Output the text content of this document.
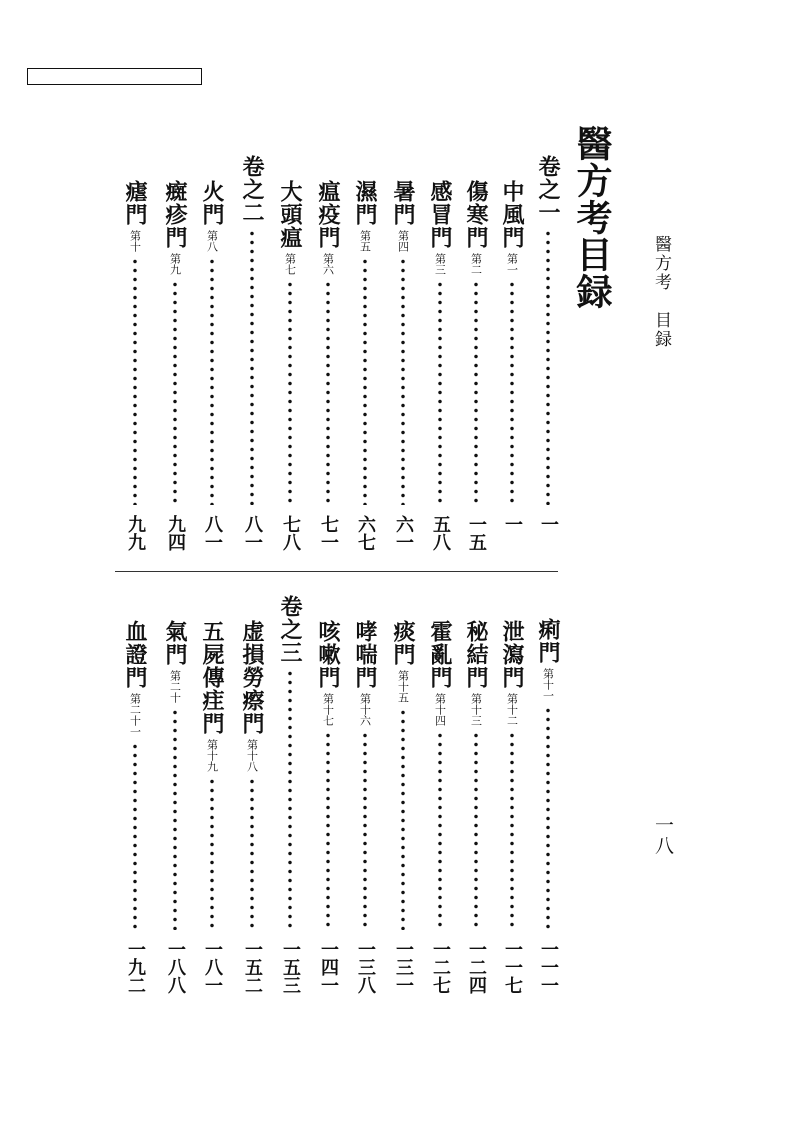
醫方考　目録
一八
醫方考目録
卷之一
一
中風門
第一
一
傷寒門
第二
一五
感冒門
第三
五八
暑門
第四
六一
濕門
第五
六七
瘟疫門
第六
七一
大頭瘟
第七
七八
卷之二
八一
火門
第八
八一
癍疹門
第九
九四
瘧門
第十
九九
痢門
第十一
一一一
泄瀉門
第十二
一一七
秘結門
第十三
一二四
霍亂門
第十四
一二七
痰門
第十五
一三一
哮喘門
第十六
一三八
咳嗽門
第十七
一四一
卷之三
一五三
虚損勞瘵門
第十八
一五二
五屍傳疰門
第十九
一八一
氣門
第二十
一八八
血證門
第二十一
一九二
